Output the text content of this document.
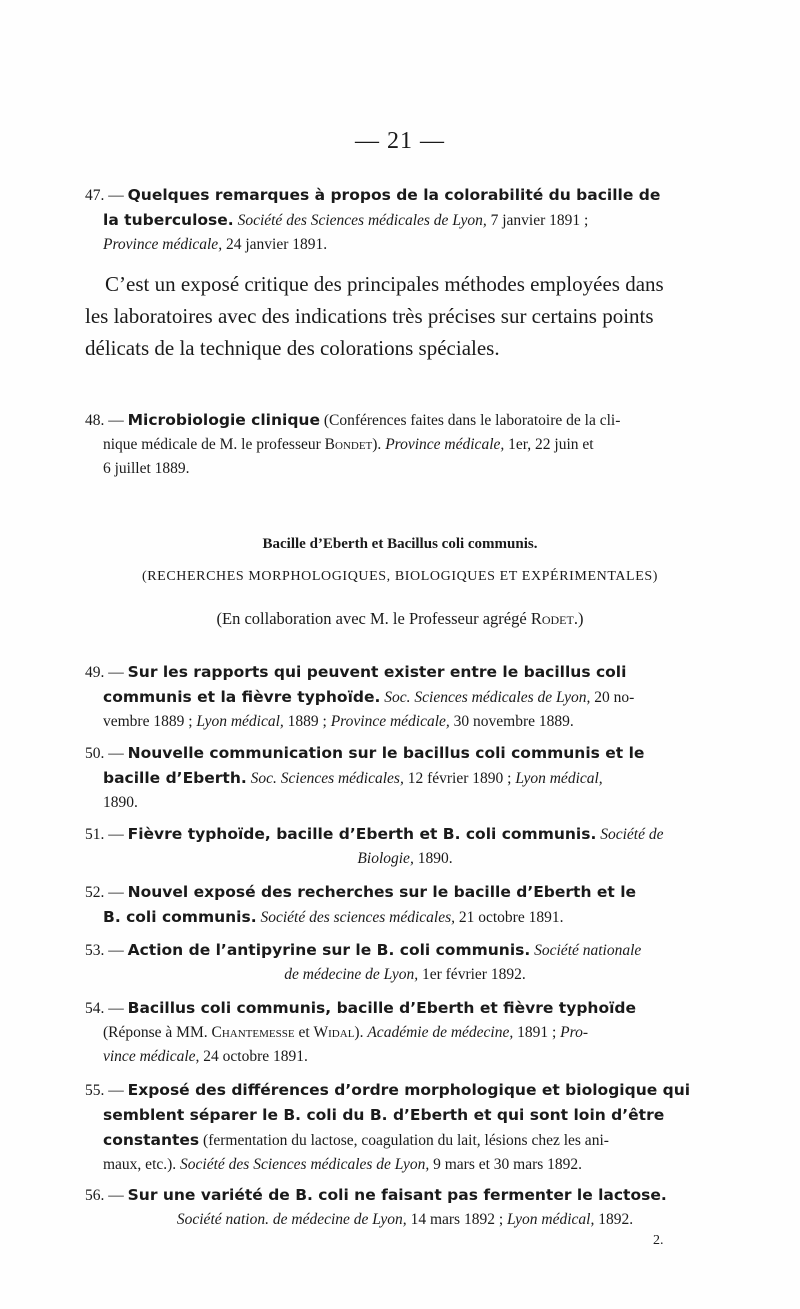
— 21 —
47. — Quelques remarques à propos de la colorabilité du bacille de

la tuberculose. Société des Sciences médicales de Lyon, 7 janvier 1891 ;
Province médicale, 24 janvier 1891.
C’est un exposé critique des principales méthodes employées dans
les laboratoires avec des indications très précises sur certains points
délicats de la technique des colorations spéciales.
48. — Microbiologie clinique (Conférences faites dans le laboratoire de la cli-

nique médicale de M. le professeur Bondet). Province médicale, 1er, 22 juin et
6 juillet 1889.
Bacille d’Eberth et Bacillus coli communis.
(RECHERCHES MORPHOLOGIQUES, BIOLOGIQUES ET EXPÉRIMENTALES)
(En collaboration avec M. le Professeur agrégé Rodet.)
49. — Sur les rapports qui peuvent exister entre le bacillus coli

communis et la fièvre typhoïde. Soc. Sciences médicales de Lyon, 20 no-
vembre 1889 ; Lyon médical, 1889 ; Province médicale, 30 novembre 1889.
50. — Nouvelle communication sur le bacillus coli communis et le

bacille d’Eberth. Soc. Sciences médicales, 12 février 1890 ; Lyon médical,
1890.
51. — Fièvre typhoïde, bacille d’Eberth et B. coli communis. Société de

Biologie, 1890.
52. — Nouvel exposé des recherches sur le bacille d’Eberth et le

B. coli communis. Société des sciences médicales, 21 octobre 1891.
53. — Action de l’antipyrine sur le B. coli communis. Société nationale

de médecine de Lyon, 1er février 1892.
54. — Bacillus coli communis, bacille d’Eberth et fièvre typhoïde

(Réponse à MM. Chantemesse et Widal). Académie de médecine, 1891 ; Pro-
vince médicale, 24 octobre 1891.
55. — Exposé des différences d’ordre morphologique et biologique qui

semblent séparer le B. coli du B. d’Eberth et qui sont loin d’être
constantes (fermentation du lactose, coagulation du lait, lésions chez les ani-
maux, etc.). Société des Sciences médicales de Lyon, 9 mars et 30 mars 1892.
56. — Sur une variété de B. coli ne faisant pas fermenter le lactose.

Société nation. de médecine de Lyon, 14 mars 1892 ; Lyon médical, 1892.
2.
